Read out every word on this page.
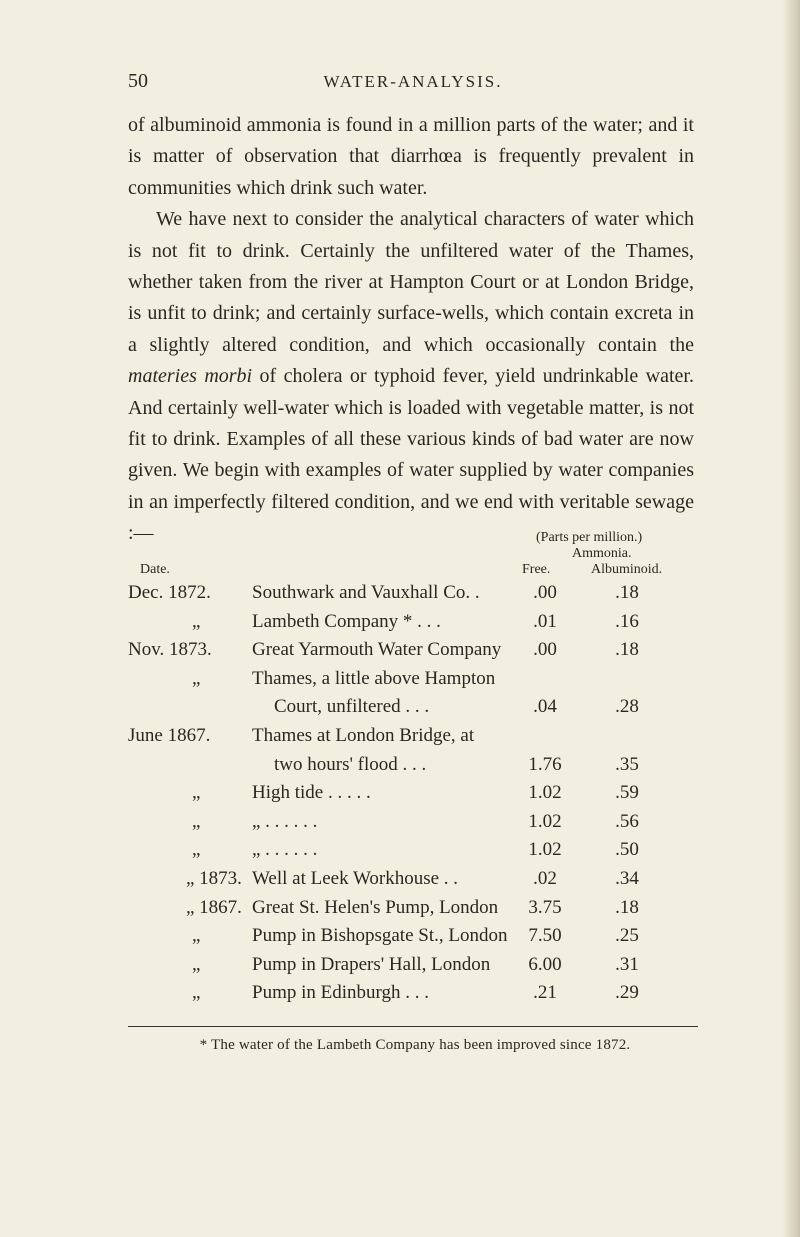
50	WATER-ANALYSIS.

of albuminoid ammonia is found in a million parts of the water; and it is matter of observation that diarrhœa is frequently prevalent in communities which drink such water.

We have next to consider the analytical characters of water which is not fit to drink. Certainly the unfiltered water of the Thames, whether taken from the river at Hampton Court or at London Bridge, is unfit to drink; and certainly surface-wells, which contain excreta in a slightly altered condition, and which occasionally contain the materies morbi of cholera or typhoid fever, yield undrinkable water. And certainly well-water which is loaded with vegetable matter, is not fit to drink. Examples of all these various kinds of bad water are now given. We begin with examples of water supplied by water companies in an imperfectly filtered condition, and we end with veritable sewage :—	(Parts per million.)
Ammonia.
Date.	Free.	Albuminoid.
Dec. 1872. Southwark and Vauxhall Co. .	.00	.18
„	Lambeth Company * . . .	.01	.16
Nov. 1873. Great Yarmouth Water Company	.00	.18
„	Thames, a little above Hampton
Court, unfiltered . . .	.04	.28
June 1867. Thames at London Bridge, at
two hours' flood . . .	1.76	.35
„	High tide . . . . .	1.02	.59
„	„ . . . . . .	1.02	.56
„	„ . . . . . .	1.02	.50
„ 1873. Well at Leek Workhouse . .	.02	.34
„ 1867. Great St. Helen's Pump, London	3.75	.18
„	Pump in Bishopsgate St., London	7.50	.25
„	Pump in Drapers' Hall, London	6.00	.31
„	Pump in Edinburgh . . .	.21	.29
* The water of the Lambeth Company has been improved since 1872.
